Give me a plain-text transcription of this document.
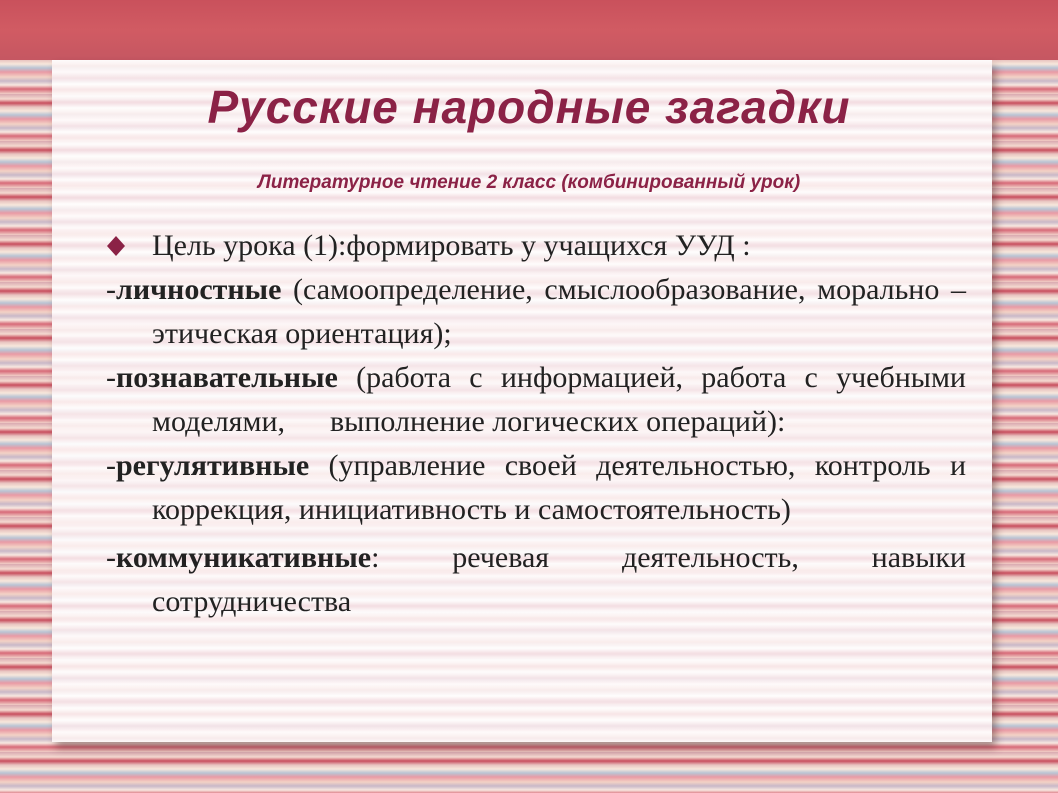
Русские народные загадки
Литературное чтение 2 класс (комбинированный урок)
Цель урока (1):формировать у учащихся УУД :
-личностные (самоопределение, смыслообразование, морально – этическая ориентация);
-познавательные (работа с информацией, работа с учебными моделями,      выполнение логических операций):
-регулятивные (управление своей деятельностью, контроль и коррекция, инициативность и самостоятельность)
-коммуникативные: речевая деятельность, навыки сотрудничества
